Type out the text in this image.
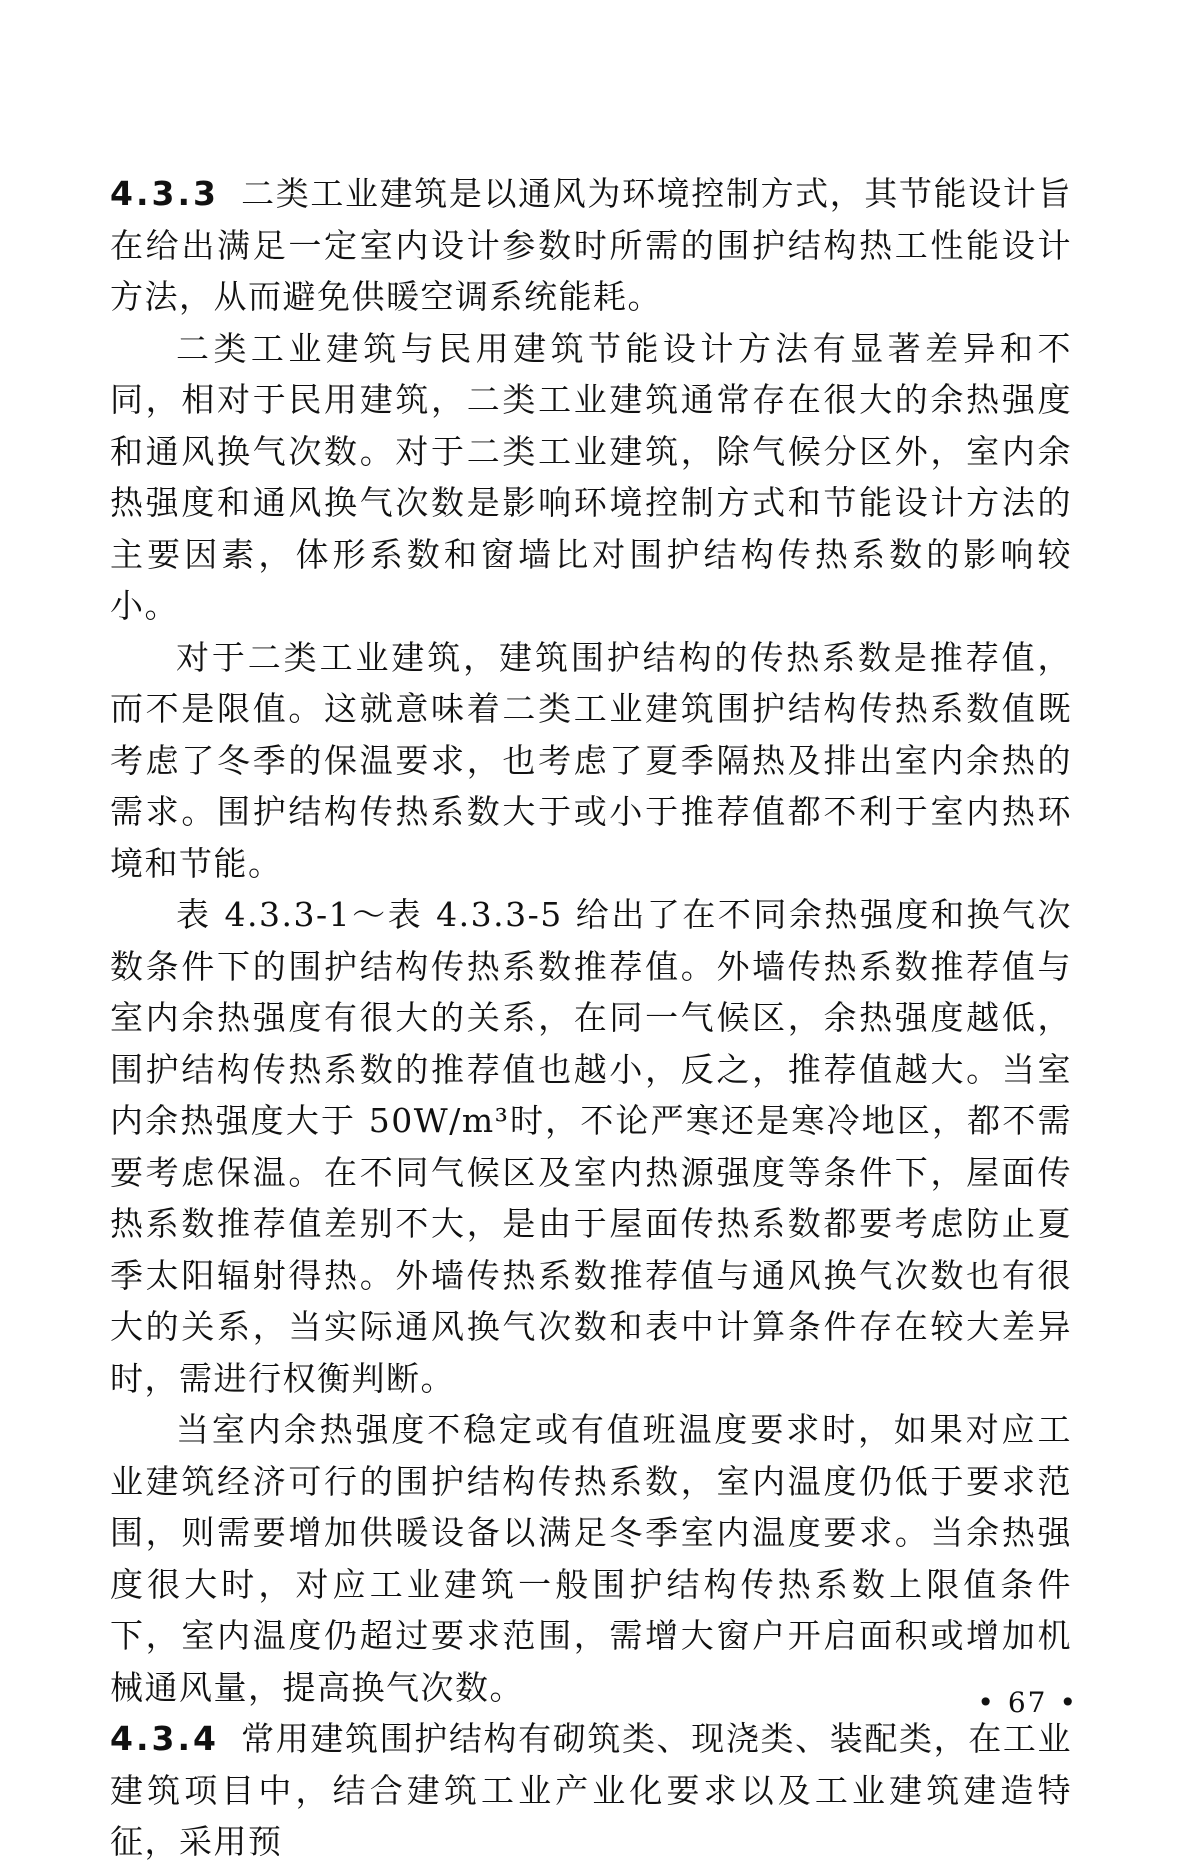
4.3.3 二类工业建筑是以通风为环境控制方式，其节能设计旨在给出满足一定室内设计参数时所需的围护结构热工性能设计方法，从而避免供暖空调系统能耗。

二类工业建筑与民用建筑节能设计方法有显著差异和不同，相对于民用建筑，二类工业建筑通常存在很大的余热强度和通风换气次数。对于二类工业建筑，除气候分区外，室内余热强度和通风换气次数是影响环境控制方式和节能设计方法的主要因素，体形系数和窗墙比对围护结构传热系数的影响较小。

对于二类工业建筑，建筑围护结构的传热系数是推荐值，而不是限值。这就意味着二类工业建筑围护结构传热系数值既考虑了冬季的保温要求，也考虑了夏季隔热及排出室内余热的需求。围护结构传热系数大于或小于推荐值都不利于室内热环境和节能。

表 4.3.3-1～表 4.3.3-5 给出了在不同余热强度和换气次数条件下的围护结构传热系数推荐值。外墙传热系数推荐值与室内余热强度有很大的关系，在同一气候区，余热强度越低，围护结构传热系数的推荐值也越小，反之，推荐值越大。当室内余热强度大于 50W/m³时，不论严寒还是寒冷地区，都不需要考虑保温。在不同气候区及室内热源强度等条件下，屋面传热系数推荐值差别不大，是由于屋面传热系数都要考虑防止夏季太阳辐射得热。外墙传热系数推荐值与通风换气次数也有很大的关系，当实际通风换气次数和表中计算条件存在较大差异时，需进行权衡判断。

当室内余热强度不稳定或有值班温度要求时，如果对应工业建筑经济可行的围护结构传热系数，室内温度仍低于要求范围，则需要增加供暖设备以满足冬季室内温度要求。当余热强度很大时，对应工业建筑一般围护结构传热系数上限值条件下，室内温度仍超过要求范围，需增大窗户开启面积或增加机械通风量，提高换气次数。

4.3.4 常用建筑围护结构有砌筑类、现浇类、装配类，在工业建筑项目中，结合建筑工业产业化要求以及工业建筑建造特征，采用预

• 67 •
